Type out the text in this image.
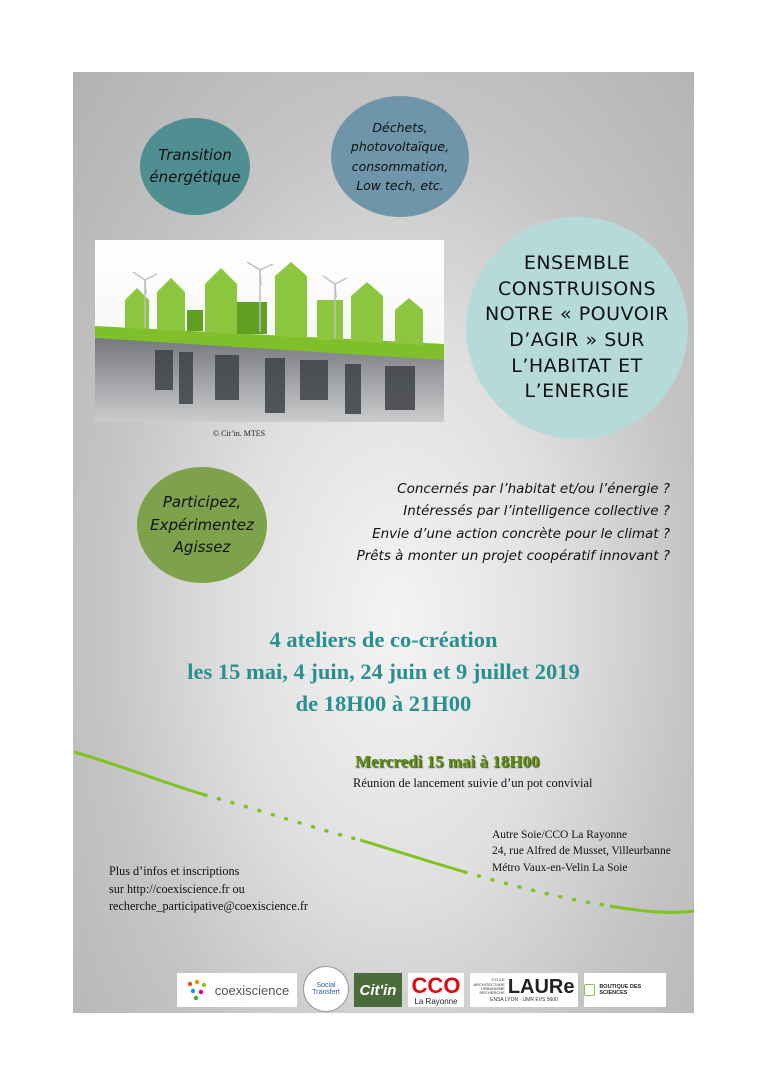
Transition
énergétique
Déchets,
photovoltaïque,
consommation,
Low tech, etc.
ENSEMBLE
CONSTRUISONS
NOTRE « POUVOIR
D’AGIR » SUR
L’HABITAT ET
L’ENERGIE
Participez,
Expérimentez
Agissez
© Cit’in. MTES
Concernés par l’habitat et/ou l’énergie ?
Intéressés par l’intelligence collective ?
Envie d’une action concrète pour le climat ?
Prêts à monter un projet coopératif innovant ?
4 ateliers de co-création
les 15 mai, 4 juin, 24 juin et 9 juillet 2019
de 18H00 à 21H00
Mercredi 15 mai à 18H00
Réunion de lancement suivie d’un pot convivial
Autre Soie/CCO La Rayonne
24, rue Alfred de Musset, Villeurbanne
Métro Vaux-en-Velin La Soie
Plus d’infos et inscriptions
sur http://coexiscience.fr ou
recherche_participative@coexiscience.fr
coexiscience	Social Transfert	Cit'in CCO
La Rayonne
CYCLE
ARCHITECTURE
URBANISME
RECHERCHE LAURe
ENSA LYON · UMR EVS 5600
BOUTIQUE DES SCIENCES
